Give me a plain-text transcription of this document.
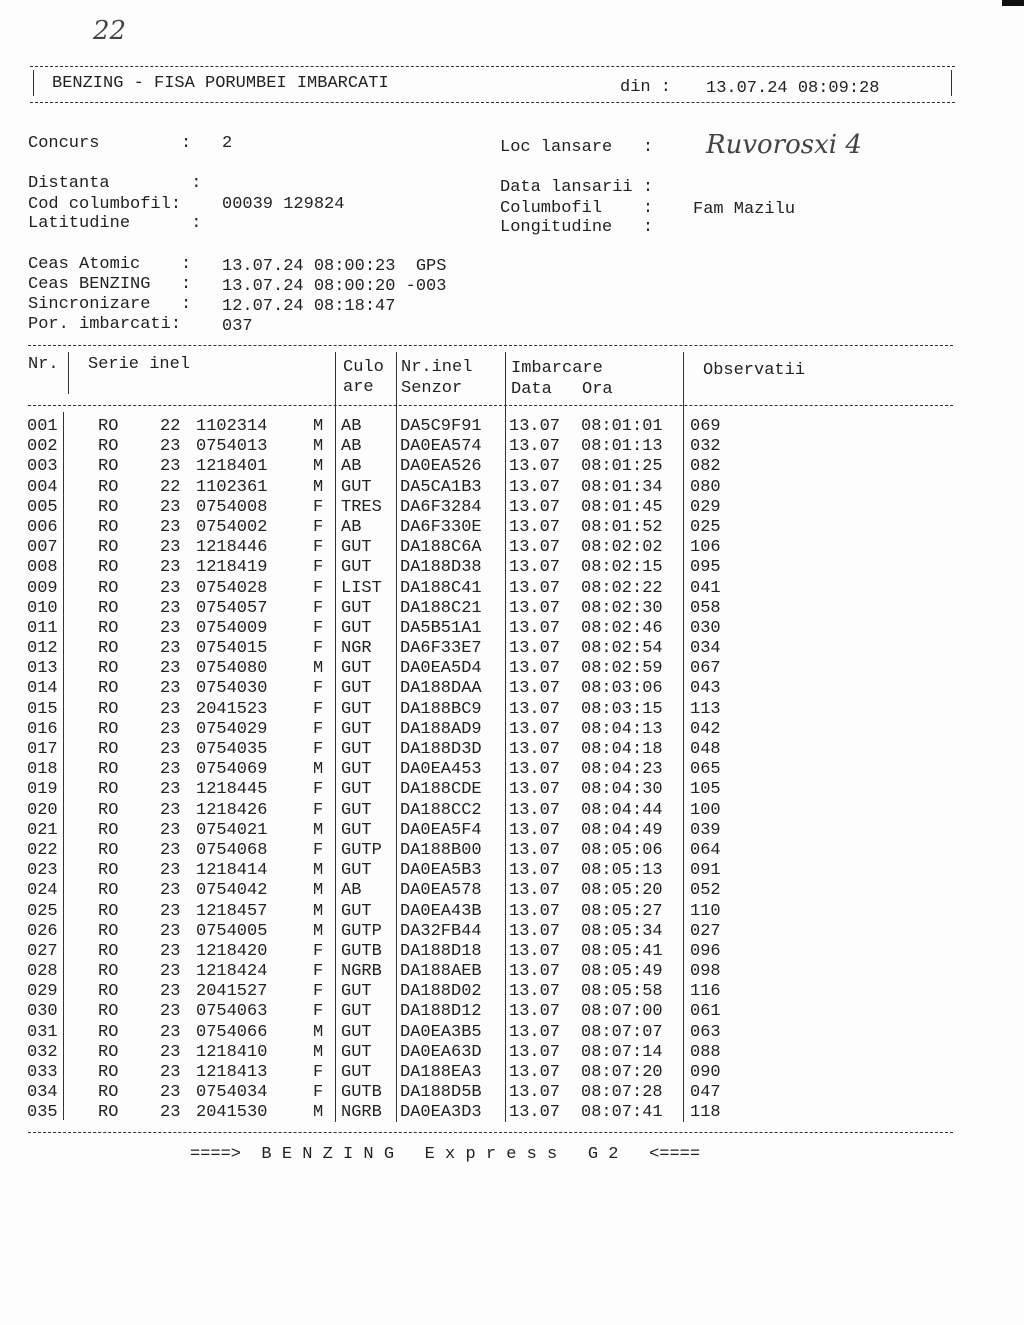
22
BENZING - FISA PORUMBEI IMBARCATI	din : 13.07.24 08:09:28
Concurs        : 2	Loc lansare   : Ruvorosxi 4
Distanta        :
Cod columbofil: 00039 129824
Latitudine      :
Data lansarii :
Columbofil    : Fam Mazilu
Longitudine   :
Ceas Atomic    : 13.07.24 08:00:23  GPS
Ceas BENZING   : 13.07.24 08:00:20 -003
Sincronizare   : 12.07.24 08:18:47
Por. imbarcati: 037
Nr. Serie inel	Culo
are
Nr.inel
Senzor
Imbarcare
Data Ora
Observatii
001 RO 22 1102314	M AB DA5C9F91 13.07 08:01:01 069
002 RO 23 0754013	M AB DA0EA574 13.07 08:01:13 032
003 RO 23 1218401	M AB DA0EA526 13.07 08:01:25 082
004 RO 22 1102361	M GUT DA5CA1B3 13.07 08:01:34 080
005 RO 23 0754008	F TRES DA6F3284 13.07 08:01:45 029
006 RO 23 0754002	F AB DA6F330E 13.07 08:01:52 025
007 RO 23 1218446	F GUT DA188C6A 13.07 08:02:02 106
008 RO 23 1218419	F GUT DA188D38 13.07 08:02:15 095
009 RO 23 0754028	F LIST DA188C41 13.07 08:02:22 041
010 RO 23 0754057	F GUT DA188C21 13.07 08:02:30 058
011 RO 23 0754009	F GUT DA5B51A1 13.07 08:02:46 030
012 RO 23 0754015	F NGR DA6F33E7 13.07 08:02:54 034
013 RO 23 0754080	M GUT DA0EA5D4 13.07 08:02:59 067
014 RO 23 0754030	F GUT DA188DAA 13.07 08:03:06 043
015 RO 23 2041523	F GUT DA188BC9 13.07 08:03:15 113
016 RO 23 0754029	F GUT DA188AD9 13.07 08:04:13 042
017 RO 23 0754035	F GUT DA188D3D 13.07 08:04:18 048
018 RO 23 0754069	M GUT DA0EA453 13.07 08:04:23 065
019 RO 23 1218445	F GUT DA188CDE 13.07 08:04:30 105
020 RO 23 1218426	F GUT DA188CC2 13.07 08:04:44 100
021 RO 23 0754021	M GUT DA0EA5F4 13.07 08:04:49 039
022 RO 23 0754068	F GUTP DA188B00 13.07 08:05:06 064
023 RO 23 1218414	M GUT DA0EA5B3 13.07 08:05:13 091
024 RO 23 0754042	M AB DA0EA578 13.07 08:05:20 052
025 RO 23 1218457	M GUT DA0EA43B 13.07 08:05:27 110
026 RO 23 0754005	M GUTP DA32FB44 13.07 08:05:34 027
027 RO 23 1218420	F GUTB DA188D18 13.07 08:05:41 096
028 RO 23 1218424	F NGRB DA188AEB 13.07 08:05:49 098
029 RO 23 2041527	F GUT DA188D02 13.07 08:05:58 116
030 RO 23 0754063	F GUT DA188D12 13.07 08:07:00 061
031 RO 23 0754066	M GUT DA0EA3B5 13.07 08:07:07 063
032 RO 23 1218410	M GUT DA0EA63D 13.07 08:07:14 088
033 RO 23 1218413	F GUT DA188EA3 13.07 08:07:20 090
034 RO 23 0754034	F GUTB DA188D5B 13.07 08:07:28 047
035 RO 23 2041530	M NGRB DA0EA3D3 13.07 08:07:41 118
====>  B E N Z I N G   E x p r e s s   G 2   <====
